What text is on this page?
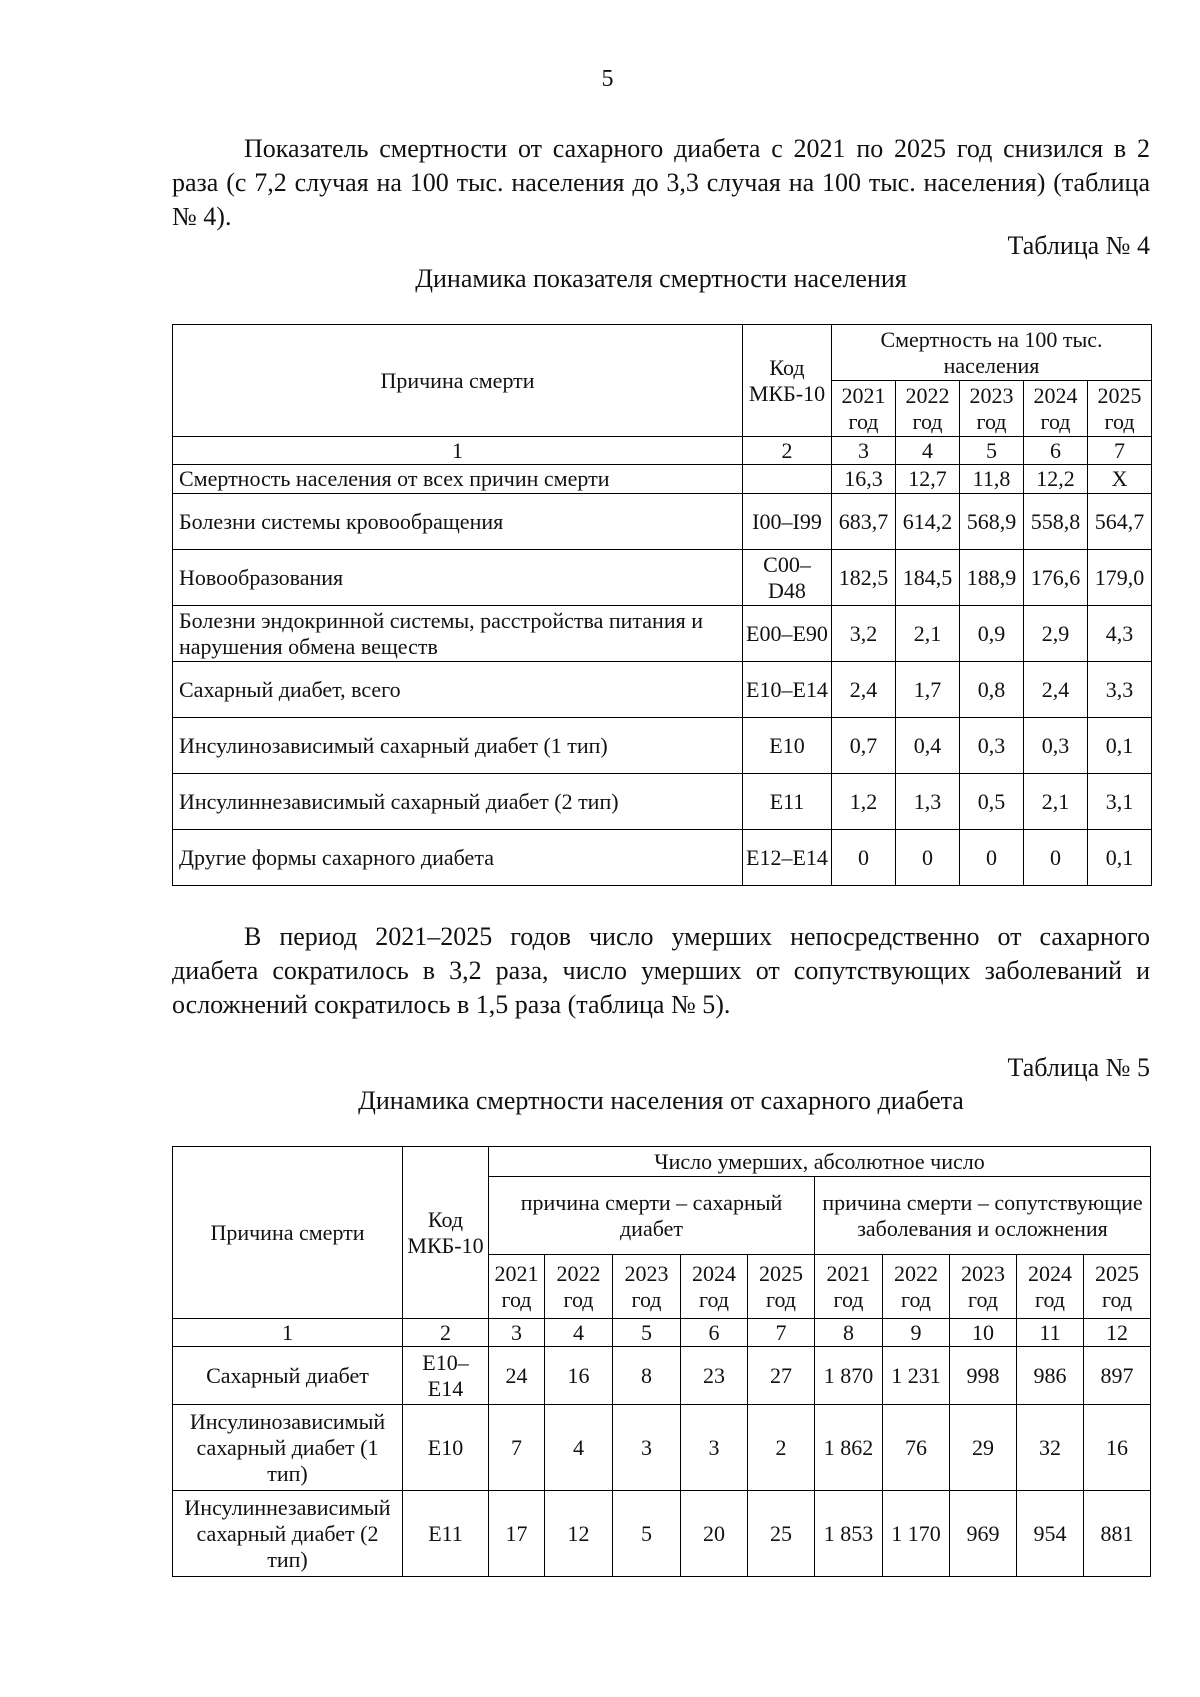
5

Показатель смертности от сахарного диабета с 2021 по 2025 год снизился в 2 раза (с 7,2 случая на 100 тыс. населения до 3,3 случая на 100 тыс. населения) (таблица № 4).

Таблица № 4
Динамика показателя смертности населения
Причина смерти	Код МКБ-10	Смертность на 100 тыс. населения				
		2021 год	2022 год	2023 год	2024 год	2025 год
1	2	3	4	5	6	7
Смертность населения от всех причин смерти		16,3	12,7	11,8	12,2	Х
Болезни системы кровообращения	I00–I99	683,7	614,2	568,9	558,8	564,7
Новообразования	C00–D48	182,5	184,5	188,9	176,6	179,0
Болезни эндокринной системы, расстройства питания и нарушения обмена веществ	E00–E90	3,2	2,1	0,9	2,9	4,3
Сахарный диабет, всего	E10–E14	2,4	1,7	0,8	2,4	3,3
Инсулинозависимый сахарный диабет (1 тип)	E10	0,7	0,4	0,3	0,3	0,1
Инсулиннезависимый сахарный диабет (2 тип)	E11	1,2	1,3	0,5	2,1	3,1
Другие формы сахарного диабета	E12–E14	0	0	0	0	0,1

В период 2021–2025 годов число умерших непосредственно от сахарного диабета сократилось в 3,2 раза, число умерших от сопутствующих заболеваний и осложнений сократилось в 1,5 раза (таблица № 5).

Таблица № 5
Динамика смертности населения от сахарного диабета
Причина смерти	Код МКБ-10	Число умерших, абсолютное число									
		причина смерти – сахарный диабет					причина смерти – сопутствующие заболевания и осложнения				
		2021 год	2022 год	2023 год	2024 год	2025 год	2021 год	2022 год	2023 год	2024 год	2025 год
1	2	3	4	5	6	7	8	9	10	11	12
Сахарный диабет	E10–E14	24	16	8	23	27	1 870	1 231	998	986	897
Инсулинозависимый сахарный диабет (1 тип)	E10	7	4	3	3	2	1 862	76	29	32	16
Инсулиннезависимый сахарный диабет (2 тип)	E11	17	12	5	20	25	1 853	1 170	969	954	881
